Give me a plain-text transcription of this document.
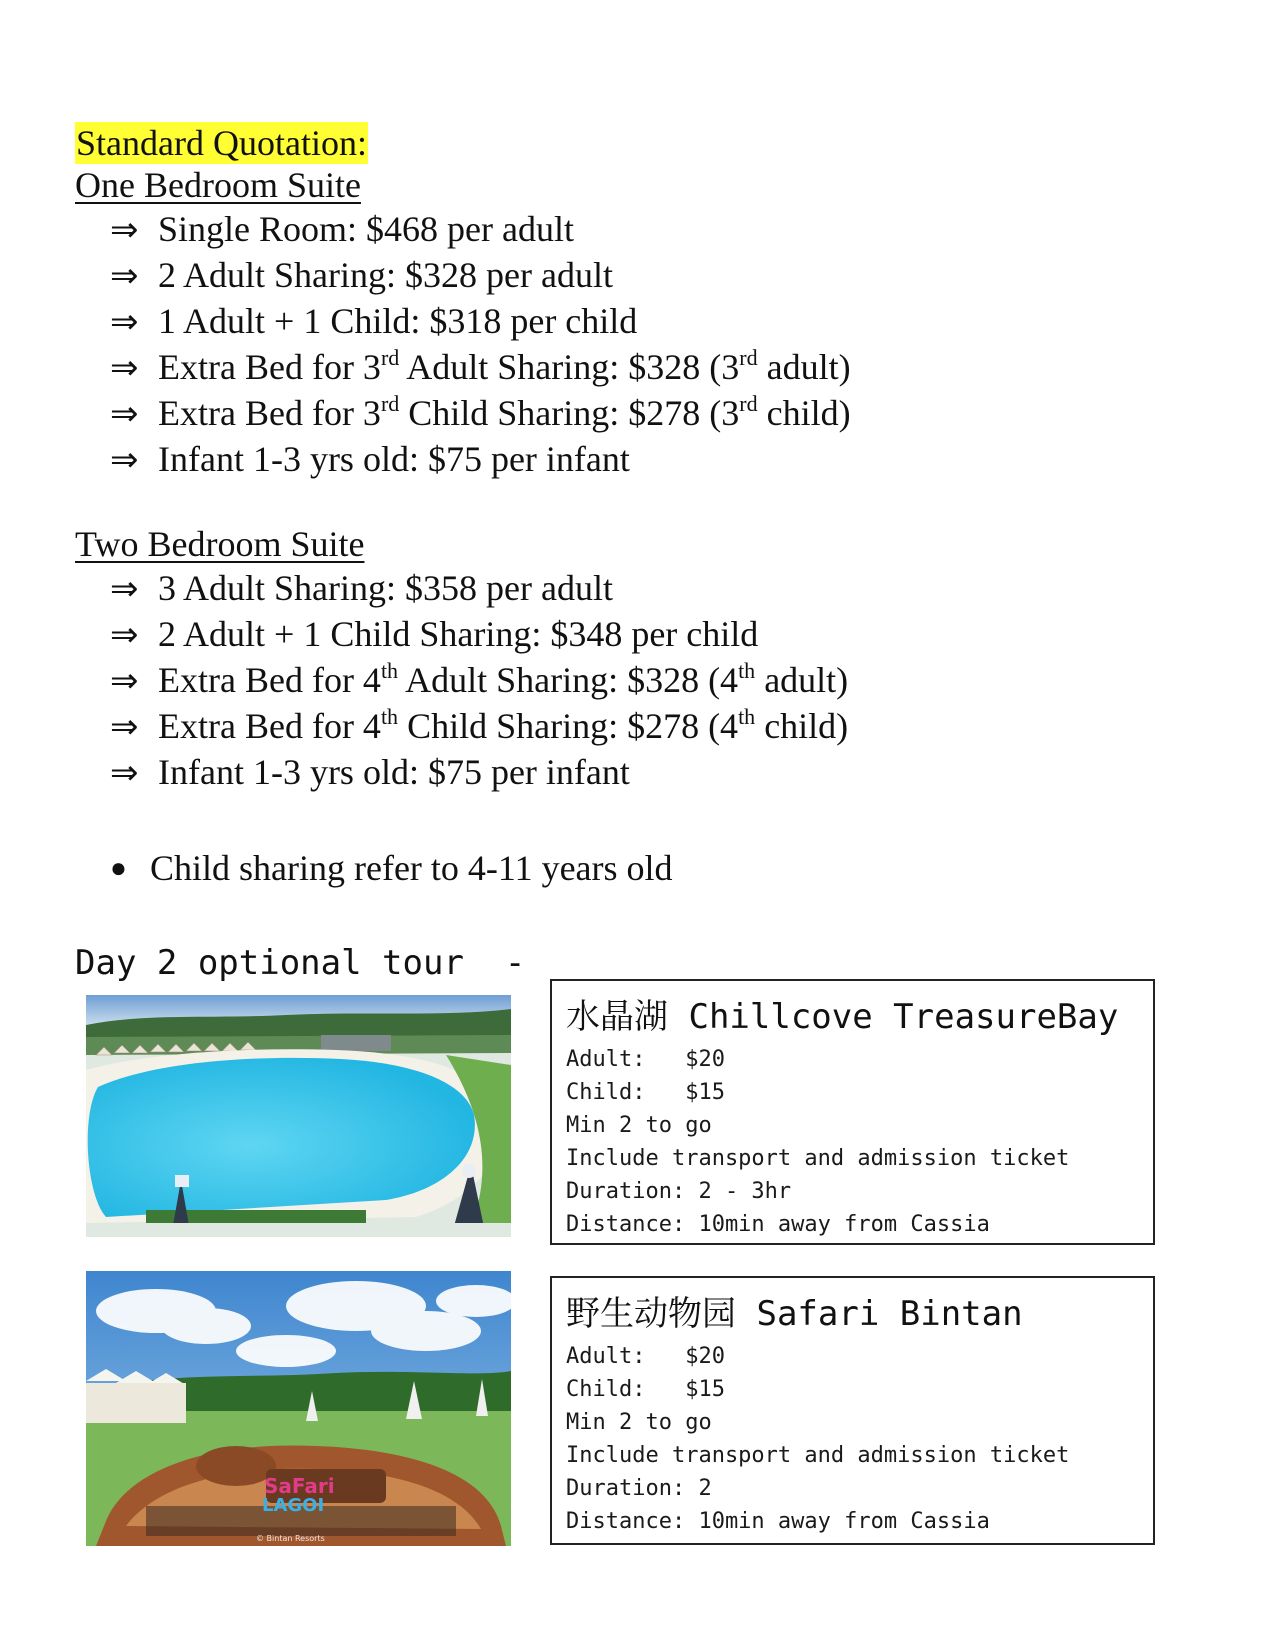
Standard Quotation:
One Bedroom Suite
⇒ Single Room: $468 per adult
⇒ 2 Adult Sharing: $328 per adult
⇒ 1 Adult + 1 Child: $318 per child
⇒ Extra Bed for 3rd Adult Sharing: $328 (3rd adult)
⇒ Extra Bed for 3rd Child Sharing: $278 (3rd child)
⇒ Infant 1-3 yrs old: $75 per infant
Two Bedroom Suite
⇒ 3 Adult Sharing: $358 per adult
⇒ 2 Adult + 1 Child Sharing: $348 per child
⇒ Extra Bed for 4th Adult Sharing: $328 (4th adult)
⇒ Extra Bed for 4th Child Sharing: $278 (4th child)
⇒ Infant 1-3 yrs old: $75 per infant
● Child sharing refer to 4-11 years old
Day 2 optional tour  -
水晶湖 Chillcove TreasureBay
Adult:   $20
Child:   $15
Min 2 to go
Include transport and admission ticket
Duration: 2 - 3hr
Distance: 10min away from Cassia
SaFari
LAGOI
© Bintan Resorts
野生动物园 Safari Bintan
Adult:   $20
Child:   $15
Min 2 to go
Include transport and admission ticket
Duration: 2
Distance: 10min away from Cassia
